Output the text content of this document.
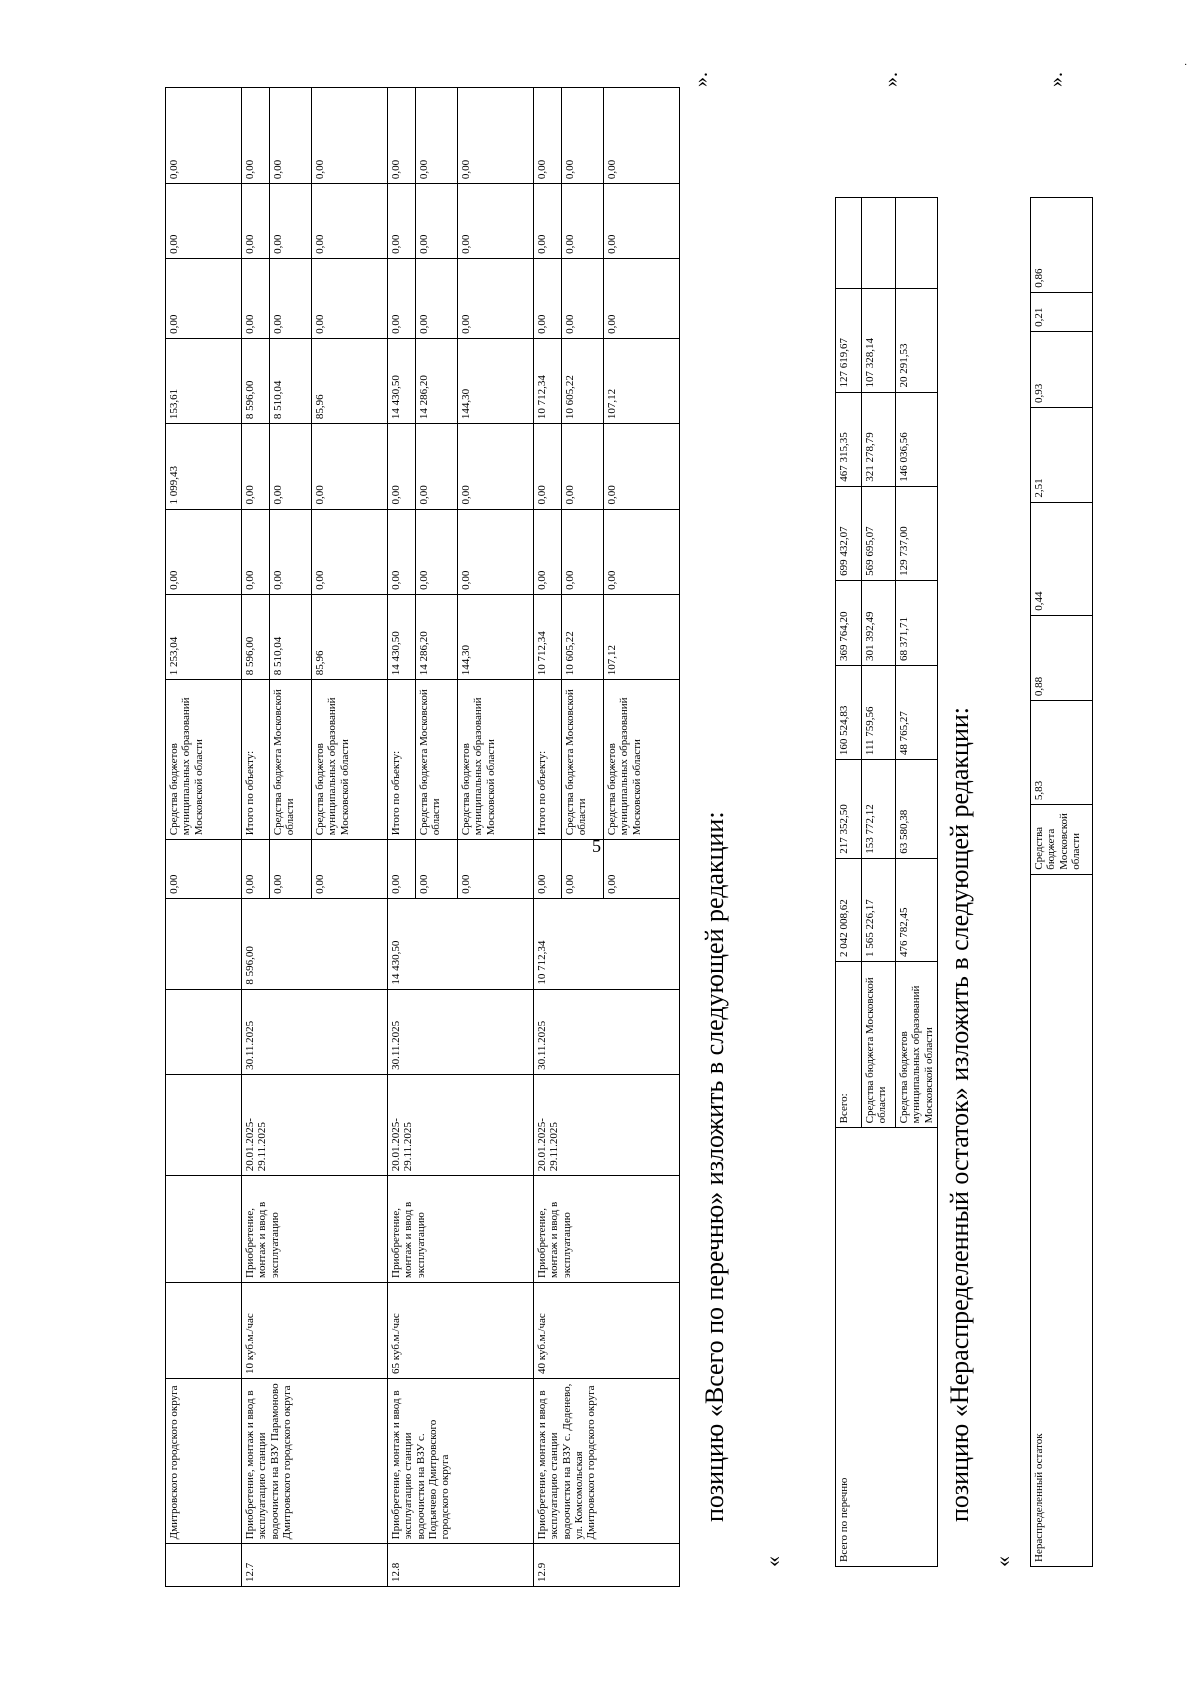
5
·
	Дмитровского городского округа						0,00	Средства бюджетов муниципальных образований Московской области	1 253,04	0,00	1 099,43	153,61	0,00	0,00	0,00
12.7	Приобретение, монтаж и ввод в эксплуатацию станции водоочистки на ВЗУ Парамоново Дмитровского городского округа	10 куб.м./час	Приобретение, монтаж и ввод в эксплуатацию	20.01.2025-29.11.2025	30.11.2025	8 596,00	0,00	Итого по объекту:	8 596,00	0,00	0,00	8 596,00	0,00	0,00	0,00
							0,00	Средства бюджета Московской области	8 510,04	0,00	0,00	8 510,04	0,00	0,00	0,00
							0,00	Средства бюджетов муниципальных образований Московской области	85,96	0,00	0,00	85,96	0,00	0,00	0,00
12.8	Приобретение, монтаж и ввод в эксплуатацию станции водоочистки на ВЗУ с. Подъячево Дмитровского городского округа	65 куб.м./час	Приобретение, монтаж и ввод в эксплуатацию	20.01.2025-29.11.2025	30.11.2025	14 430,50	0,00	Итого по объекту:	14 430,50	0,00	0,00	14 430,50	0,00	0,00	0,00
							0,00	Средства бюджета Московской области	14 286,20	0,00	0,00	14 286,20	0,00	0,00	0,00
							0,00	Средства бюджетов муниципальных образований Московской области	144,30	0,00	0,00	144,30	0,00	0,00	0,00
12.9	Приобретение, монтаж и ввод в эксплуатацию станции водоочистки на ВЗУ с. Деденево, ул. Комсомольская Дмитровского городского округа	40 куб.м./час	Приобретение, монтаж и ввод в эксплуатацию	20.01.2025-29.11.2025	30.11.2025	10 712,34	0,00	Итого по объекту:	10 712,34	0,00	0,00	10 712,34	0,00	0,00	0,00
							0,00	Средства бюджета Московской области	10 605,22	0,00	0,00	10 605,22	0,00	0,00	0,00
							0,00	Средства бюджетов муниципальных образований Московской области	107,12	0,00	0,00	107,12	0,00	0,00	0,00
позицию «Всего по перечню» изложить в следующей редакции:
«
».
Всего по перечню	Всего:	2 042 008,62	217 352,50	160 524,83	369 764,20	699 432,07	467 315,35	127 619,67	
	Средства бюджета Московской области	1 565 226,17	153 772,12	111 759,56	301 392,49	569 695,07	321 278,79	107 328,14	
	Средства бюджетов муниципальных образований Московской области	476 782,45	63 580,38	48 765,27	68 371,71	129 737,00	146 036,56	20 291,53	
».
позицию «Нераспределенный остаток» изложить в следующей редакции:
« Нераспределенный остаток	Средства бюджета Московской области	5,83	0,88	0,44	2,51	0,93	0,21	0,86
».
